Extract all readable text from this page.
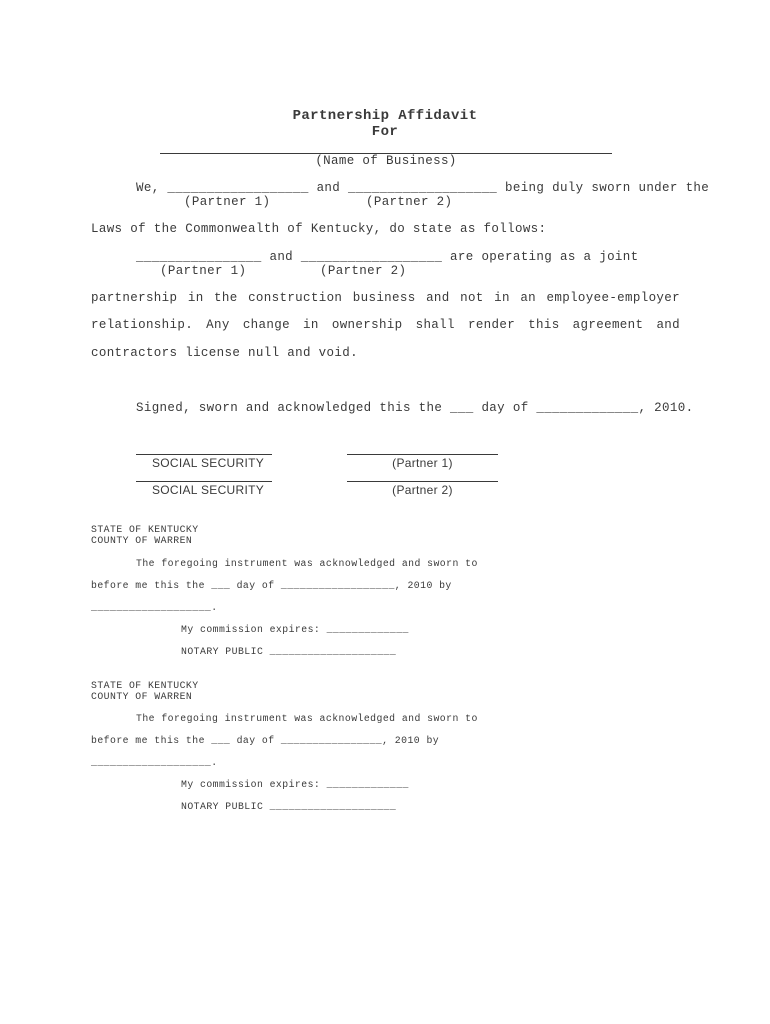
Partnership Affidavit
For
(Name of Business)
We, __________________ and ___________________ being duly sworn under the
(Partner 1)	(Partner 2)
Laws of the Commonwealth of Kentucky, do state as follows:
________________ and __________________ are operating as a joint
(Partner 1)	(Partner 2)
partnership in the construction business and not in an employee-employer
relationship. Any change in ownership shall render this agreement and
contractors license null and void.
Signed, sworn and acknowledged this the ___ day of _____________, 2010.
SOCIAL SECURITY	(Partner 1)
SOCIAL SECURITY	(Partner 2)
STATE OF KENTUCKY
COUNTY OF WARREN
The foregoing instrument was acknowledged and sworn to
before me this the ___ day of __________________, 2010 by
___________________.
My commission expires: _____________
NOTARY PUBLIC ____________________
STATE OF KENTUCKY
COUNTY OF WARREN
The foregoing instrument was acknowledged and sworn to
before me this the ___ day of ________________, 2010 by
___________________.
My commission expires: _____________
NOTARY PUBLIC ____________________
